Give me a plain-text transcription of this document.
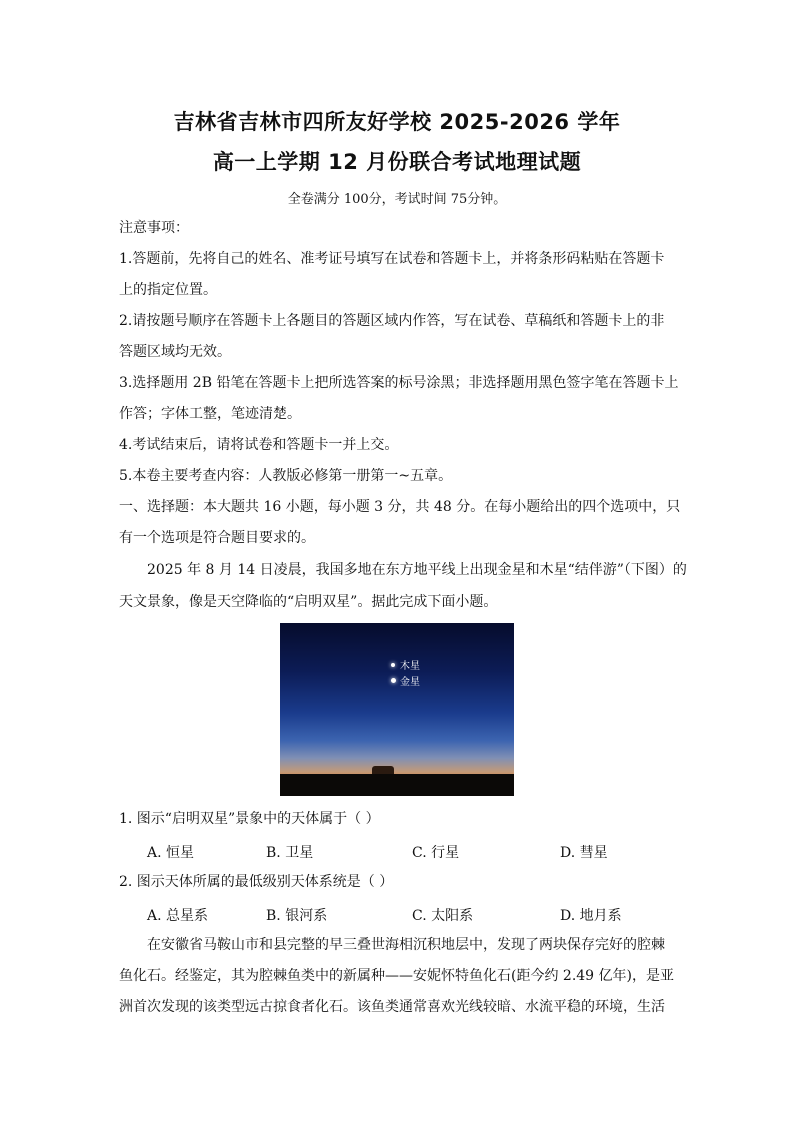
吉林省吉林市四所友好学校 2025-2026 学年
高一上学期 12 月份联合考试地理试题
全卷满分 100分，考试时间 75分钟。
注意事项：
1.答题前，先将自己的姓名、准考证号填写在试卷和答题卡上，并将条形码粘贴在答题卡
上的指定位置。
2.请按题号顺序在答题卡上各题目的答题区域内作答，写在试卷、草稿纸和答题卡上的非
答题区域均无效。
3.选择题用 2B 铅笔在答题卡上把所选答案的标号涂黑；非选择题用黑色签字笔在答题卡上
作答；字体工整，笔迹清楚。
4.考试结束后，请将试卷和答题卡一并上交。
5.本卷主要考查内容：人教版必修第一册第一~五章。
一、选择题：本大题共 16 小题，每小题 3 分，共 48 分。在每小题给出的四个选项中，只
有一个选项是符合题目要求的。
2025 年 8 月 14 日凌晨，我国多地在东方地平线上出现金星和木星“结伴游”（下图）的
天文景象，像是天空降临的“启明双星”。据此完成下面小题。
木星
金星
1. 图示“启明双星”景象中的天体属于（ ）
A. 恒星	B. 卫星	C. 行星	D. 彗星
2. 图示天体所属的最低级别天体系统是（ ）
A. 总星系	B. 银河系	C. 太阳系	D. 地月系
在安徽省马鞍山市和县完整的早三叠世海相沉积地层中，发现了两块保存完好的腔棘
鱼化石。经鉴定，其为腔棘鱼类中的新属种——安妮怀特鱼化石(距今约 2.49 亿年)，是亚
洲首次发现的该类型远古掠食者化石。该鱼类通常喜欢光线较暗、水流平稳的环境，生活
